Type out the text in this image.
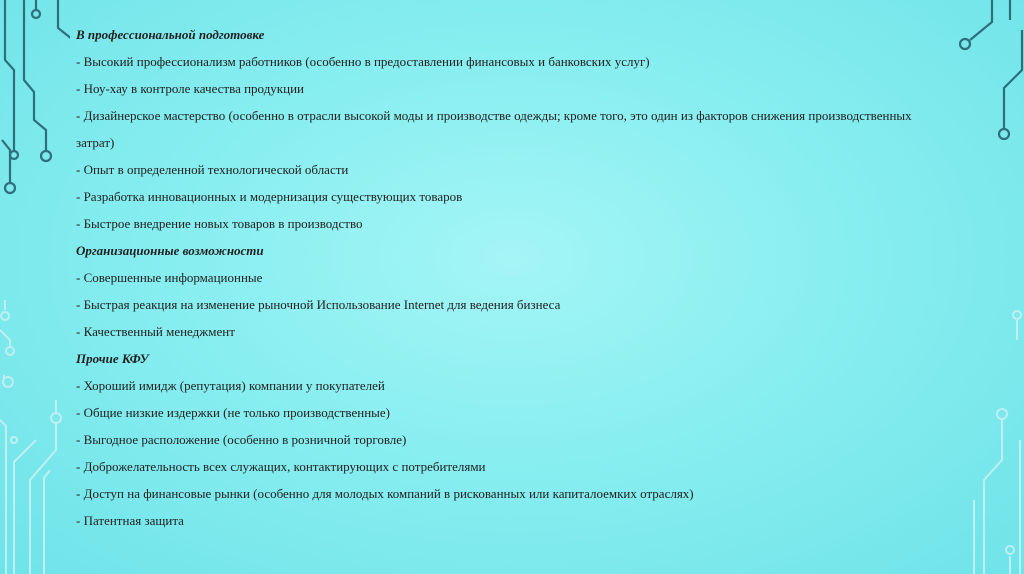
В профессиональной подготовке
- Высокий профессионализм работников (особенно в предоставлении финансовых и банковских услуг)
- Ноу-хау в контроле качества продукции
- Дизайнерское мастерство (особенно в отрасли высокой моды и производстве одежды; кроме того, это один из факторов снижения производственных затрат)
- Опыт в определенной технологической области
- Разработка инновационных и модернизация существующих товаров
- Быстрое внедрение новых товаров в производство
Организационные возможности
- Совершенные информационные
- Быстрая реакция на изменение рыночной Использование Internet для ведения бизнеса
- Качественный менеджмент
Прочие КФУ
- Хороший имидж (репутация) компании у покупателей
- Общие низкие издержки (не только производственные)
- Выгодное расположение (особенно в розничной торговле)
- Доброжелательность всех служащих, контактирующих с потребителями
- Доступ на финансовые рынки (особенно для молодых компаний в рискованных или капиталоемких отраслях)
- Патентная защита
